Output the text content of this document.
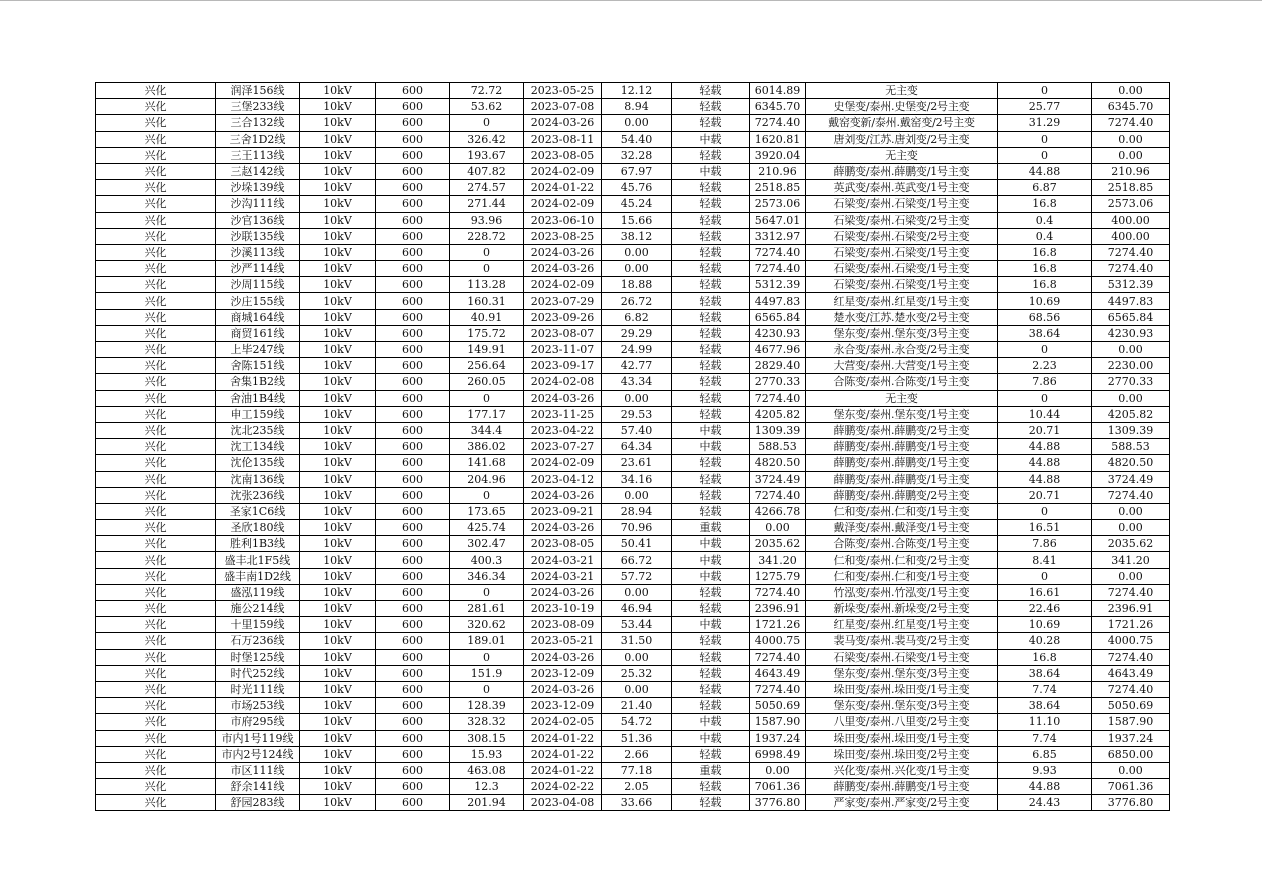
兴化	润泽156线	10kV	600	72.72	2023-05-25	12.12	轻载	6014.89	无主变	0	0.00
兴化	三堡233线	10kV	600	53.62	2023-07-08	8.94	轻载	6345.70	史堡变/泰州.史堡变/2号主变	25.77	6345.70
兴化	三合132线	10kV	600	0	2024-03-26	0.00	轻载	7274.40	戴窑变新/泰州.戴窑变/2号主变	31.29	7274.40
兴化	三舍1D2线	10kV	600	326.42	2023-08-11	54.40	中载	1620.81	唐刘变/江苏.唐刘变/2号主变	0	0.00
兴化	三王113线	10kV	600	193.67	2023-08-05	32.28	轻载	3920.04	无主变	0	0.00
兴化	三赵142线	10kV	600	407.82	2024-02-09	67.97	中载	210.96	薛鹏变/泰州.薛鹏变/1号主变	44.88	210.96
兴化	沙垛139线	10kV	600	274.57	2024-01-22	45.76	轻载	2518.85	英武变/泰州.英武变/1号主变	6.87	2518.85
兴化	沙沟111线	10kV	600	271.44	2024-02-09	45.24	轻载	2573.06	石梁变/泰州.石梁变/1号主变	16.8	2573.06
兴化	沙官136线	10kV	600	93.96	2023-06-10	15.66	轻载	5647.01	石梁变/泰州.石梁变/2号主变	0.4	400.00
兴化	沙联135线	10kV	600	228.72	2023-08-25	38.12	轻载	3312.97	石梁变/泰州.石梁变/2号主变	0.4	400.00
兴化	沙溪113线	10kV	600	0	2024-03-26	0.00	轻载	7274.40	石梁变/泰州.石梁变/1号主变	16.8	7274.40
兴化	沙严114线	10kV	600	0	2024-03-26	0.00	轻载	7274.40	石梁变/泰州.石梁变/1号主变	16.8	7274.40
兴化	沙周115线	10kV	600	113.28	2024-02-09	18.88	轻载	5312.39	石梁变/泰州.石梁变/1号主变	16.8	5312.39
兴化	沙庄155线	10kV	600	160.31	2023-07-29	26.72	轻载	4497.83	红星变/泰州.红星变/1号主变	10.69	4497.83
兴化	商城164线	10kV	600	40.91	2023-09-26	6.82	轻载	6565.84	楚水变/江苏.楚水变/2号主变	68.56	6565.84
兴化	商贸161线	10kV	600	175.72	2023-08-07	29.29	轻载	4230.93	堡东变/泰州.堡东变/3号主变	38.64	4230.93
兴化	上毕247线	10kV	600	149.91	2023-11-07	24.99	轻载	4677.96	永合变/泰州.永合变/2号主变	0	0.00
兴化	舍陈151线	10kV	600	256.64	2023-09-17	42.77	轻载	2829.40	大营变/泰州.大营变/1号主变	2.23	2230.00
兴化	舍集1B2线	10kV	600	260.05	2024-02-08	43.34	轻载	2770.33	合陈变/泰州.合陈变/1号主变	7.86	2770.33
兴化	舍油1B4线	10kV	600	0	2024-03-26	0.00	轻载	7274.40	无主变	0	0.00
兴化	申工159线	10kV	600	177.17	2023-11-25	29.53	轻载	4205.82	堡东变/泰州.堡东变/1号主变	10.44	4205.82
兴化	沈北235线	10kV	600	344.4	2023-04-22	57.40	中载	1309.39	薛鹏变/泰州.薛鹏变/2号主变	20.71	1309.39
兴化	沈工134线	10kV	600	386.02	2023-07-27	64.34	中载	588.53	薛鹏变/泰州.薛鹏变/1号主变	44.88	588.53
兴化	沈伦135线	10kV	600	141.68	2024-02-09	23.61	轻载	4820.50	薛鹏变/泰州.薛鹏变/1号主变	44.88	4820.50
兴化	沈南136线	10kV	600	204.96	2023-04-12	34.16	轻载	3724.49	薛鹏变/泰州.薛鹏变/1号主变	44.88	3724.49
兴化	沈张236线	10kV	600	0	2024-03-26	0.00	轻载	7274.40	薛鹏变/泰州.薛鹏变/2号主变	20.71	7274.40
兴化	圣家1C6线	10kV	600	173.65	2023-09-21	28.94	轻载	4266.78	仁和变/泰州.仁和变/1号主变	0	0.00
兴化	圣欣180线	10kV	600	425.74	2024-03-26	70.96	重载	0.00	戴泽变/泰州.戴泽变/1号主变	16.51	0.00
兴化	胜利1B3线	10kV	600	302.47	2023-08-05	50.41	中载	2035.62	合陈变/泰州.合陈变/1号主变	7.86	2035.62
兴化	盛丰北1F5线	10kV	600	400.3	2024-03-21	66.72	中载	341.20	仁和变/泰州.仁和变/2号主变	8.41	341.20
兴化	盛丰南1D2线	10kV	600	346.34	2024-03-21	57.72	中载	1275.79	仁和变/泰州.仁和变/1号主变	0	0.00
兴化	盛泓119线	10kV	600	0	2024-03-26	0.00	轻载	7274.40	竹泓变/泰州.竹泓变/1号主变	16.61	7274.40
兴化	施公214线	10kV	600	281.61	2023-10-19	46.94	轻载	2396.91	新垛变/泰州.新垛变/2号主变	22.46	2396.91
兴化	十里159线	10kV	600	320.62	2023-08-09	53.44	中载	1721.26	红星变/泰州.红星变/1号主变	10.69	1721.26
兴化	石万236线	10kV	600	189.01	2023-05-21	31.50	轻载	4000.75	裴马变/泰州.裴马变/2号主变	40.28	4000.75
兴化	时堡125线	10kV	600	0	2024-03-26	0.00	轻载	7274.40	石梁变/泰州.石梁变/1号主变	16.8	7274.40
兴化	时代252线	10kV	600	151.9	2023-12-09	25.32	轻载	4643.49	堡东变/泰州.堡东变/3号主变	38.64	4643.49
兴化	时光111线	10kV	600	0	2024-03-26	0.00	轻载	7274.40	垛田变/泰州.垛田变/1号主变	7.74	7274.40
兴化	市场253线	10kV	600	128.39	2023-12-09	21.40	轻载	5050.69	堡东变/泰州.堡东变/3号主变	38.64	5050.69
兴化	市府295线	10kV	600	328.32	2024-02-05	54.72	中载	1587.90	八里变/泰州.八里变/2号主变	11.10	1587.90
兴化	市内1号119线	10kV	600	308.15	2024-01-22	51.36	中载	1937.24	垛田变/泰州.垛田变/1号主变	7.74	1937.24
兴化	市内2号124线	10kV	600	15.93	2024-01-22	2.66	轻载	6998.49	垛田变/泰州.垛田变/2号主变	6.85	6850.00
兴化	市区111线	10kV	600	463.08	2024-01-22	77.18	重载	0.00	兴化变/泰州.兴化变/1号主变	9.93	0.00
兴化	舒余141线	10kV	600	12.3	2024-02-22	2.05	轻载	7061.36	薛鹏变/泰州.薛鹏变/1号主变	44.88	7061.36
兴化	舒园283线	10kV	600	201.94	2023-04-08	33.66	轻载	3776.80	严家变/泰州.严家变/2号主变	24.43	3776.80
